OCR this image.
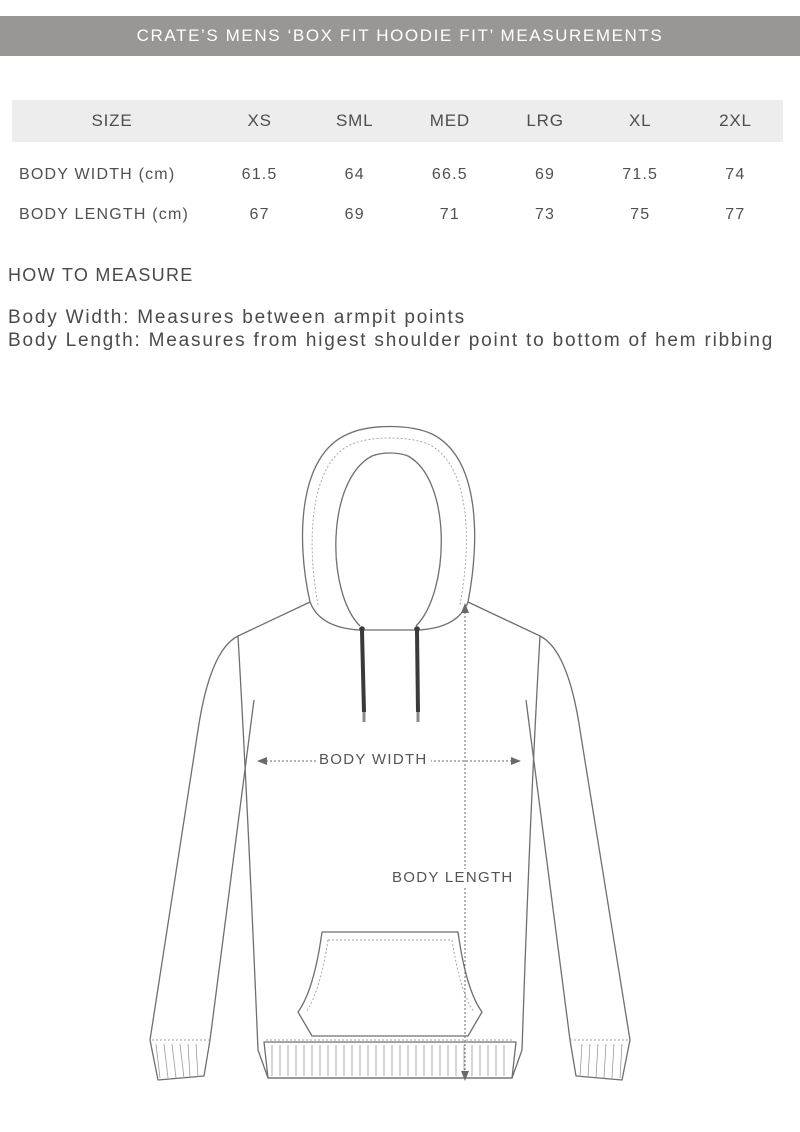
CRATE’S MENS ‘BOX FIT HOODIE FIT’ MEASUREMENTS
SIZE	XS	SML	MED	LRG	XL	2XL
BODY WIDTH (cm)	61.5	64	66.5	69	71.5	74
BODY LENGTH (cm)	67	69	71	73	75	77
HOW TO MEASURE
Body Width: Measures between armpit points
Body Length: Measures from higest shoulder point to bottom of hem ribbing
BODY WIDTH
BODY LENGTH
